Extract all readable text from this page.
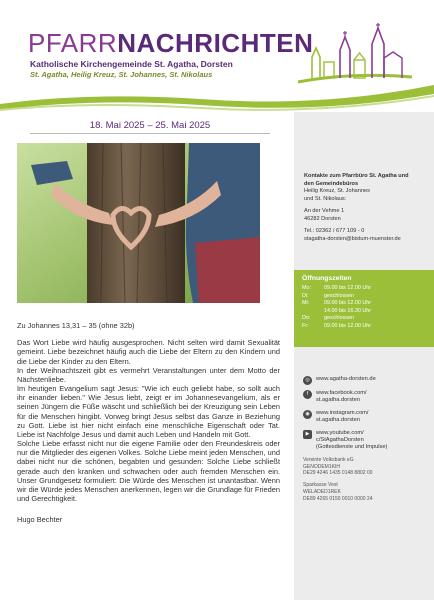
PFARRNACHRICHTEN
Katholische Kirchengemeinde St. Agatha, Dorsten
St. Agatha, Heilig Kreuz, St. Johannes, St. Nikolaus
18. Mai 2025 – 25. Mai 2025
Kontakte zum Pfarrbüro St. Agatha und
den Gemeindebüros
Heilig Kreuz, St. Johannes
und St. Nikolaus:
An der Vehme 1
46282 Dorsten
Tel.: 02362 / 677 109 - 0
stagatha-dorsten@bistum-muenster.de
Öffnungszeiten
Mo:	09.00 bis 12.00 Uhr
Di:	geschlossen
Mi:	09.00 bis 12.00 Uhr
14.00 bis 16.30 Uhr
Do:	geschlossen
Fr:	09.00 bis 12.00 Uhr
◎	www.agatha-dorsten.de
f	www.facebook.com/
st.agatha.dorsten
◉	www.instagram.com/
st.agatha.dorsten
▶	www.youtube.com/
c/StAgathaDorsten
(Gottesdienste und Impulse)
Vereinte Volksbank eG
GENODEM1KIH
DE29 4246 1435 0148 8802 00
Sparkasse Vest
WELADED1REK
DE89 4265 0150 0010 0000 24
Zu Johannes 13,31 – 35 (ohne 32b)

Das Wort Liebe wird häufig ausgesprochen. Nicht selten wird damit Sexualität gemeint. Liebe bezeichnet häufig auch die Liebe der Eltern zu den Kindern und die Liebe der Kinder zu den Eltern.

In der Weihnachtszeit gibt es vermehrt Veranstaltungen unter dem Motto der Nächstenliebe.

Im heutigen Evangelium sagt Jesus: "Wie ich euch geliebt habe, so sollt auch ihr einander lieben." Wie Jesus liebt, zeigt er im Johannesevangelium, als er seinen Jüngern die Füße wäscht und schließlich bei der Kreuzigung sein Leben für die Menschen hingibt. Vorweg bringt Jesus selbst das Ganze in Beziehung zu Gott. Liebe ist hier nicht einfach eine menschliche Eigenschaft oder Tat. Liebe ist Nachfolge Jesus und damit auch Leben und Handeln mit Gott.

Solche Liebe erfasst nicht nur die eigene Familie oder den Freundeskreis oder nur die Mitglieder des eigenen Volkes. Solche Liebe meint jeden Menschen, und dabei nicht nur die schönen, begabten und gesunden: Solche Liebe schließt gerade auch den kranken und schwachen oder auch fremden Menschen ein. Unser Grundgesetz formuliert: Die Würde des Menschen ist unantastbar. Wenn wir die Würde jedes Menschen anerkennen, legen wir die Grundlage für Frieden und Gerechtigkeit.

Hugo Bechter
